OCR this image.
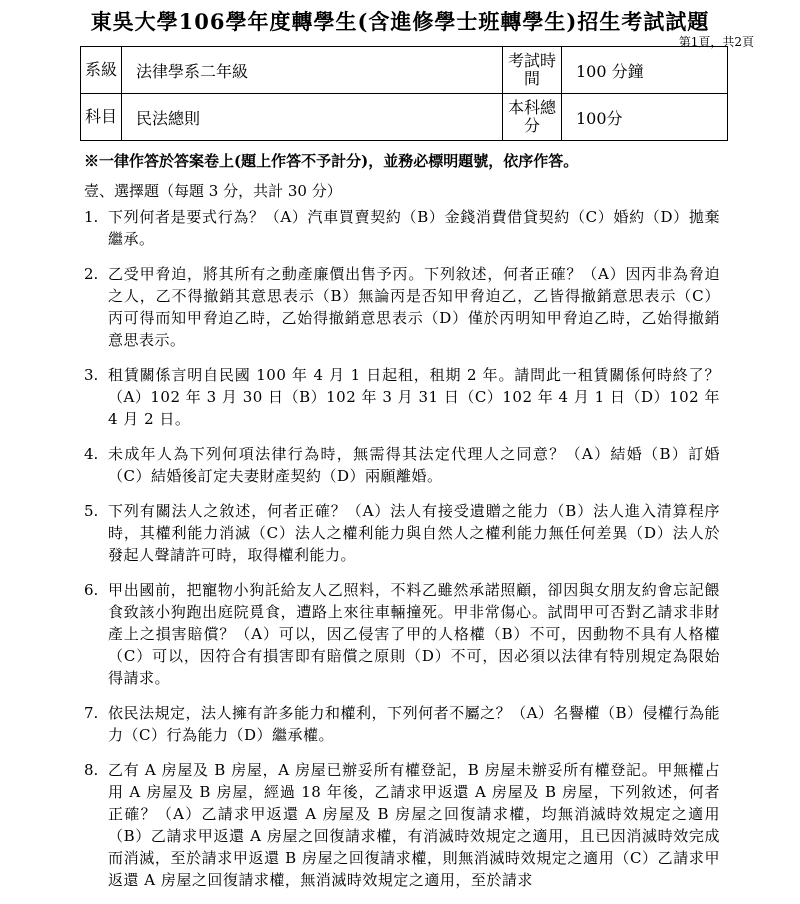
東吳大學106學年度轉學生(含進修學士班轉學生)招生考試試題
第1頁，共2頁
系級	法律學系二年級	考試時間	100 分鐘
科目	民法總則	本科總分	100分
※一律作答於答案卷上(題上作答不予計分)，並務必標明題號，依序作答。
壹、選擇題（每題 3 分，共計 30 分）
1. 下列何者是要式行為？（A）汽車買賣契約（B）金錢消費借貸契約（C）婚約（D）拋棄繼承。
2. 乙受甲脅迫，將其所有之動產廉價出售予丙。下列敘述，何者正確？（A）因丙非為脅迫之人，乙不得撤銷其意思表示（B）無論丙是否知甲脅迫乙，乙皆得撤銷意思表示（C）丙可得而知甲脅迫乙時，乙始得撤銷意思表示（D）僅於丙明知甲脅迫乙時，乙始得撤銷意思表示。
3. 租賃關係言明自民國 100 年 4 月 1 日起租，租期 2 年。請問此一租賃關係何時終了？（A）102 年 3 月 30 日（B）102 年 3 月 31 日（C）102 年 4 月 1 日（D）102 年 4 月 2 日。
4. 未成年人為下列何項法律行為時，無需得其法定代理人之同意？（A）結婚（B）訂婚（C）結婚後訂定夫妻財產契約（D）兩願離婚。
5. 下列有關法人之敘述，何者正確？（A）法人有接受遺贈之能力（B）法人進入清算程序時，其權利能力消滅（C）法人之權利能力與自然人之權利能力無任何差異（D）法人於發起人聲請許可時，取得權利能力。
6. 甲出國前，把寵物小狗託給友人乙照料，不料乙雖然承諾照顧，卻因與女朋友約會忘記餵食致該小狗跑出庭院覓食，遭路上來往車輛撞死。甲非常傷心。試問甲可否對乙請求非財產上之損害賠償？（A）可以，因乙侵害了甲的人格權（B）不可，因動物不具有人格權（C）可以，因符合有損害即有賠償之原則（D）不可，因必須以法律有特別規定為限始得請求。
7. 依民法規定，法人擁有許多能力和權利，下列何者不屬之？（A）名譽權（B）侵權行為能力（C）行為能力（D）繼承權。
8. 乙有 A 房屋及 B 房屋，A 房屋已辦妥所有權登記，B 房屋未辦妥所有權登記。甲無權占用 A 房屋及 B 房屋，經過 18 年後，乙請求甲返還 A 房屋及 B 房屋，下列敘述，何者正確？（A）乙請求甲返還 A 房屋及 B 房屋之回復請求權，均無消滅時效規定之適用（B）乙請求甲返還 A 房屋之回復請求權，有消滅時效規定之適用，且已因消滅時效完成而消滅，至於請求甲返還 B 房屋之回復請求權，則無消滅時效規定之適用（C）乙請求甲返還 A 房屋之回復請求權，無消滅時效規定之適用，至於請求
